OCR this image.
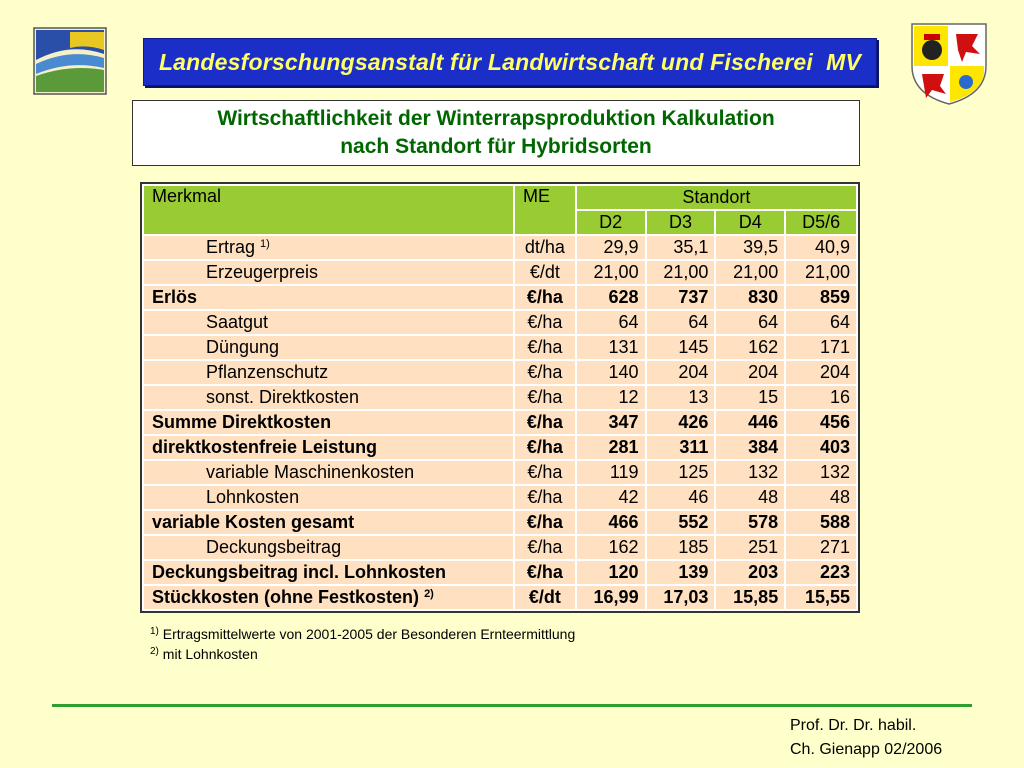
Landesforschungsanstalt für Landwirtschaft und Fischerei  MV
Wirtschaftlichkeit der Winterrapsproduktion Kalkulation
nach Standort für Hybridsorten
Merkmal	ME	Standort			
		D2	D3	D4	D5/6
Ertrag $^{1)}$	dt/ha	29,9	35,1	39,5	40,9
Erzeugerpreis	€/dt	21,00	21,00	21,00	21,00
Erlös	€/ha	628	737	830	859
Saatgut	€/ha	64	64	64	64
Düngung	€/ha	131	145	162	171
Pflanzenschutz	€/ha	140	204	204	204
sonst. Direktkosten	€/ha	12	13	15	16
Summe Direktkosten	€/ha	347	426	446	456
direktkostenfreie Leistung	€/ha	281	311	384	403
variable Maschinenkosten	€/ha	119	125	132	132
Lohnkosten	€/ha	42	46	48	48
variable Kosten gesamt	€/ha	466	552	578	588
Deckungsbeitrag	€/ha	162	185	251	271
Deckungsbeitrag incl. Lohnkosten	€/ha	120	139	203	223
Stückkosten (ohne Festkosten) $^{2)}$	€/dt	16,99	17,03	15,85	15,55
$^{1)}$ Ertragsmittelwerte von 2001-2005 der Besonderen Ernteermittlung
$^{2)}$ mit Lohnkosten
Prof. Dr. Dr. habil.
Ch. Gienapp 02/2006
